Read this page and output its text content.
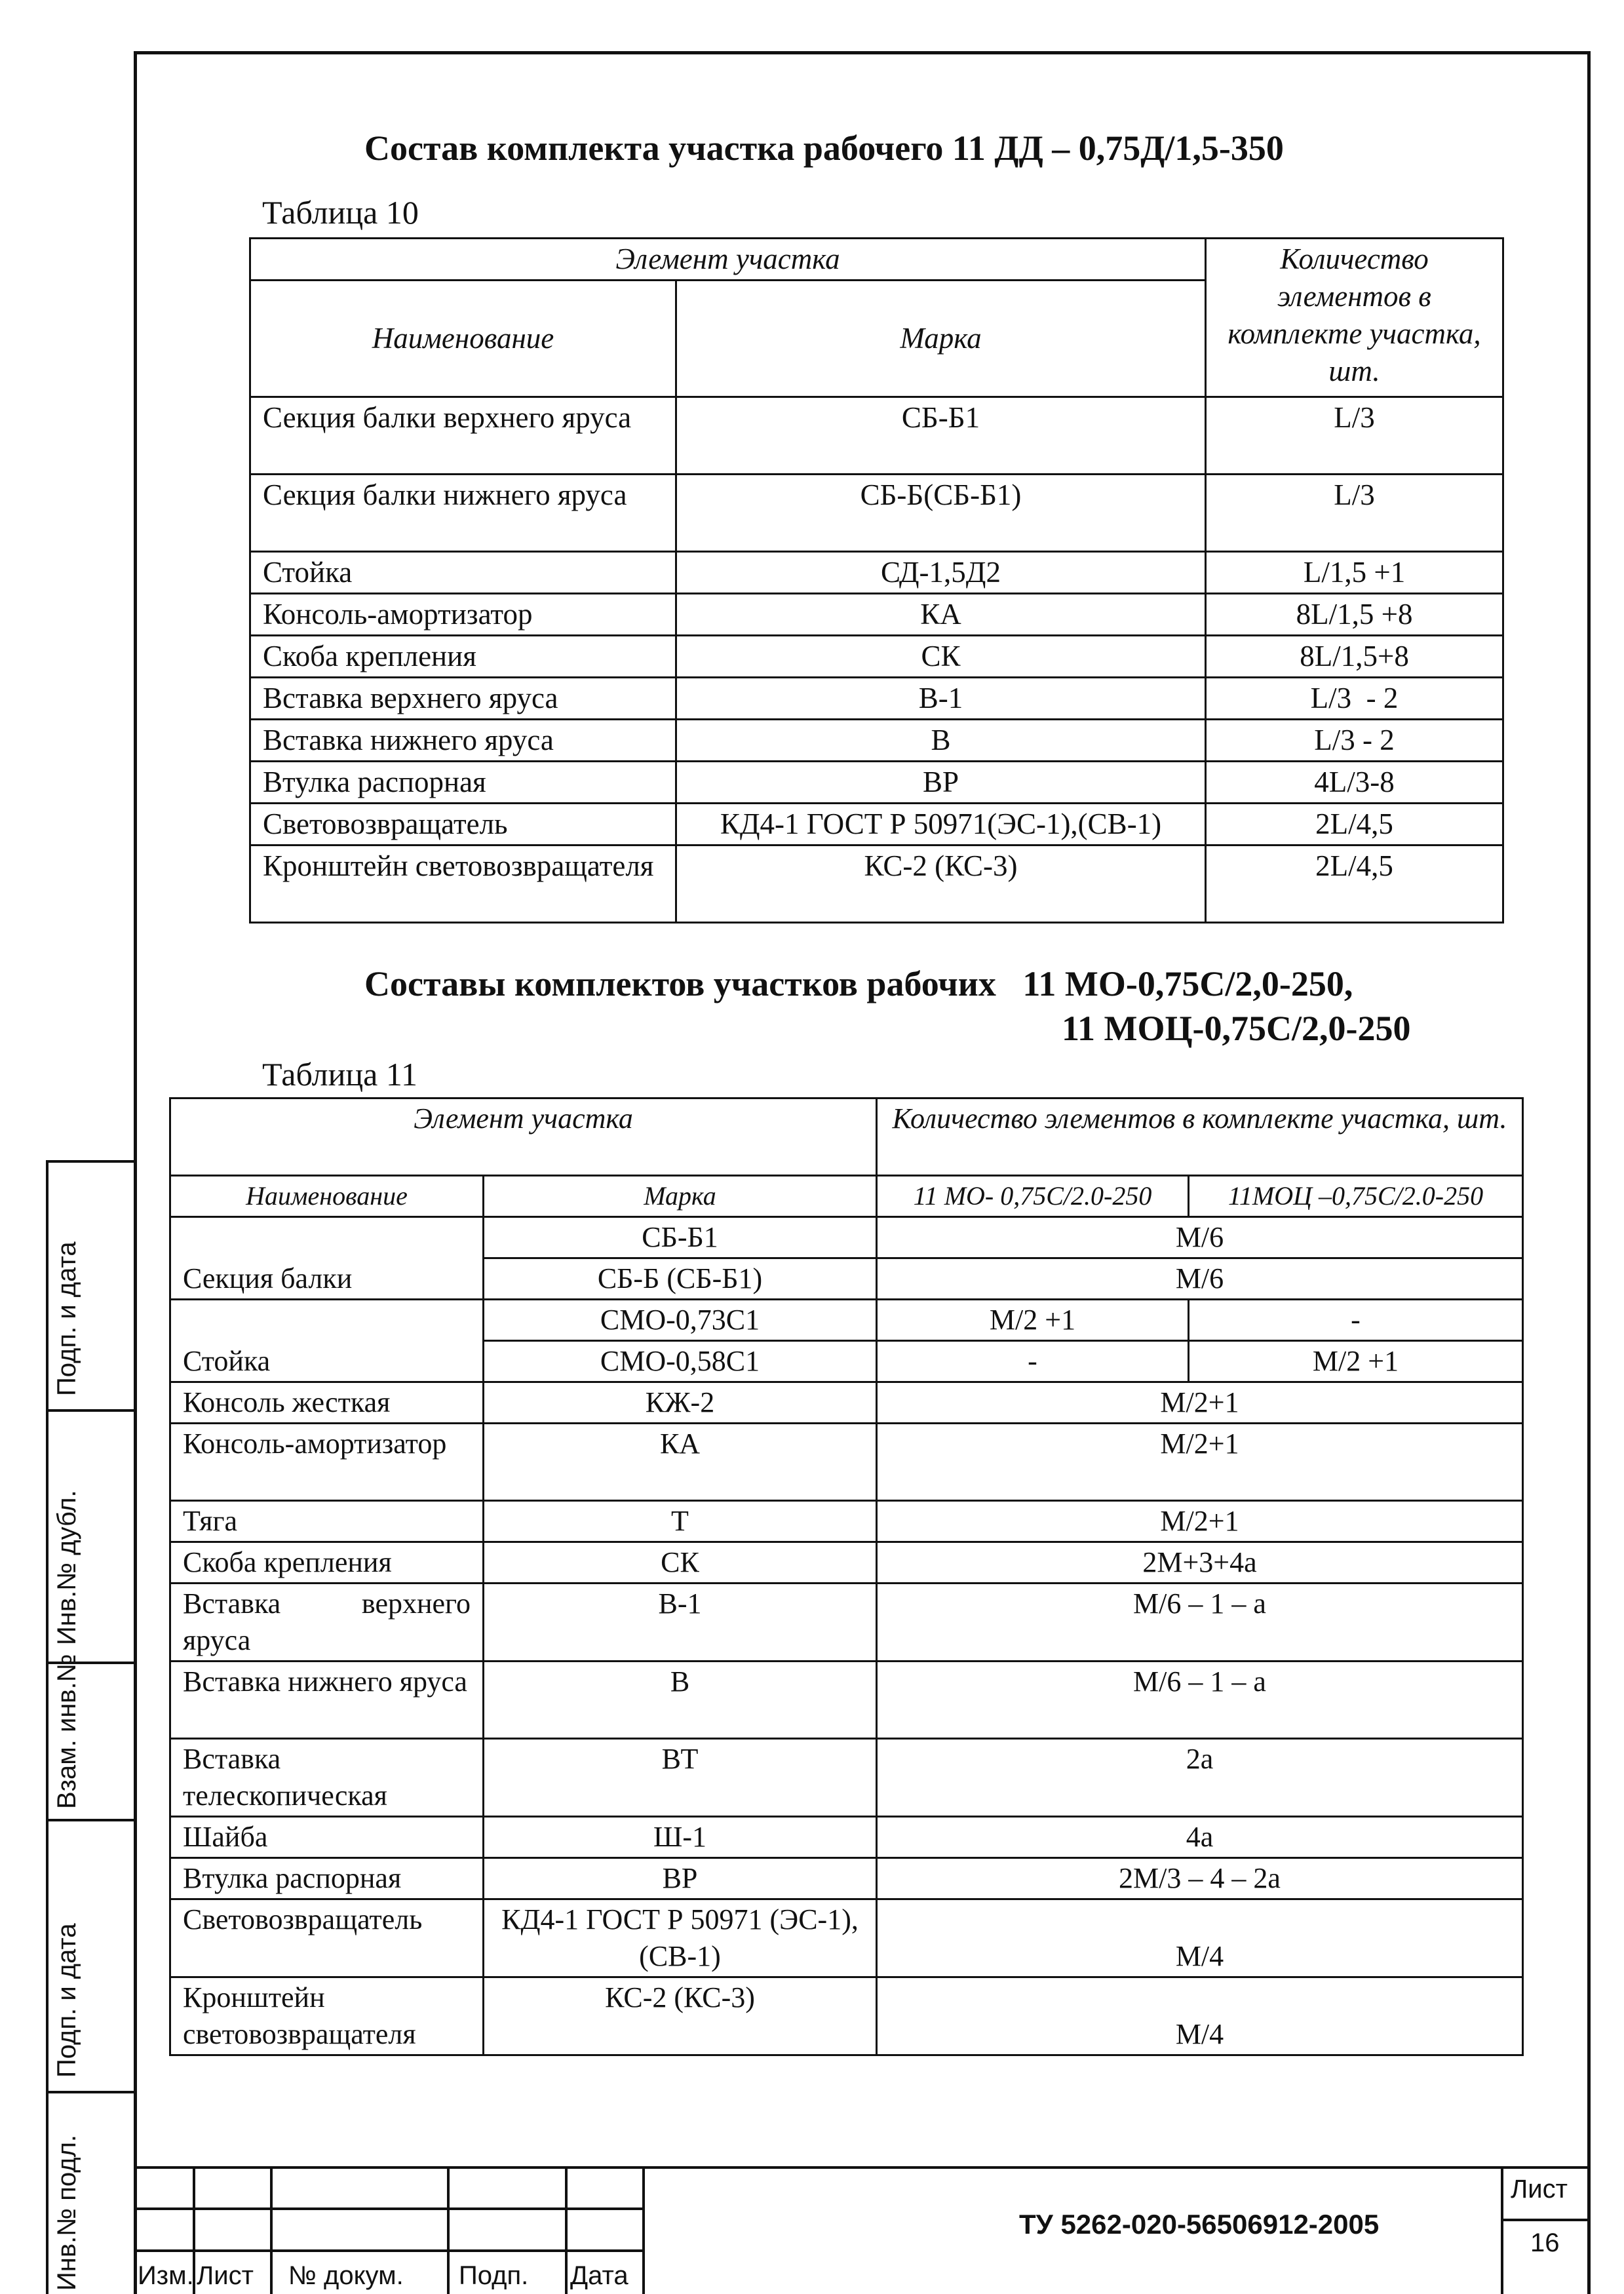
Подп. и дата
Инв.№ дубл.
Взам. инв.№
Подп. и дата
Инв.№ подл.
Состав комплекта участка рабочего 11 ДД – 0,75Д/1,5-350
Таблица 10
Элемент участка		Количество элементов в комплекте участка, шт.
Наименование	Марка	
Секция балки верхнего яруса	СБ-Б1	L/3
Секция балки нижнего яруса	СБ-Б(СБ-Б1)	L/3
Стойка	СД-1,5Д2	L/1,5 +1
Консоль-амортизатор	КА	8L/1,5 +8
Скоба крепления	СК	8L/1,5+8
Вставка верхнего яруса	В-1	L/3  - 2
Вставка нижнего яруса	В	L/3 - 2
Втулка распорная	ВР	4L/3-8
Световозвращатель	КД4-1 ГОСТ Р 50971(ЭС-1),(СВ-1)	2L/4,5
Кронштейн световозвращателя	КС-2 (КС-3)	2L/4,5
Составы комплектов участков рабочих   11 МО-0,75С/2,0-250,
11 МОЦ-0,75С/2,0-250
Таблица 11
Элемент участка		Количество элементов в комплекте участка, шт.	
Наименование	Марка	11 МО- 0,75С/2.0-250	11МОЦ –0,75С/2.0-250
Секция балки	СБ-Б1	М/6	
	СБ-Б (СБ-Б1)	М/6	
Стойка	СМО-0,73С1	М/2 +1	-
	СМО-0,58С1	-	М/2 +1
Консоль жесткая	КЖ-2	М/2+1	
Консоль-амортизатор	КА	М/2+1	
Тяга	Т	М/2+1	
Скоба крепления	СК	2М+3+4а	
Вставка верхнего яруса	В-1	М/6 – 1 – а	
Вставка нижнего яруса	В	М/6 – 1 – а	
Вставка телескопическая	ВТ	2а	
Шайба	Ш-1	4а	
Втулка распорная	ВР	2М/3 – 4 – 2а	
Световозвращатель	КД4-1 ГОСТ Р 50971 (ЭС-1),(СВ-1)	М/4	
Кронштейн световозвращателя	КС-2 (КС-3)	М/4	
Изм. Лист № докум. Подп. Дата
ТУ 5262-020-56506912-2005
Лист
16
